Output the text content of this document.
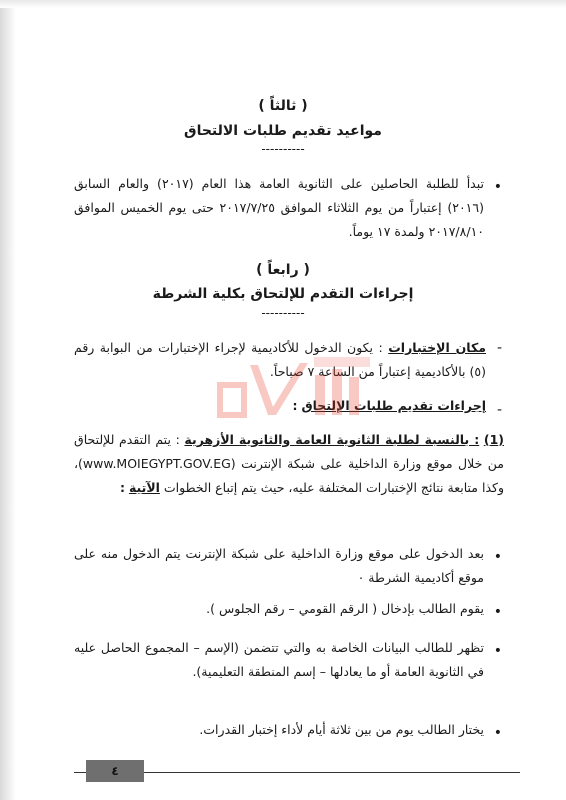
( ثالثاً )
مواعيد تقديم طلبات الالتحاق
----------
•
تبدأ للطلبة الحاصلين على الثانوية العامة هذا العام (٢٠١٧) والعام السابق (٢٠١٦) إعتباراً من يوم الثلاثاء الموافق ٢٠١٧/٧/٢٥ حتى يوم الخميس الموافق ٢٠١٧/٨/١٠ ولمدة ١٧ يوماً.
( رابعاً )
إجراءات التقدم للإلتحاق بكلية الشرطة
----------
-
مكان الإختبارات : يكون الدخول للأكاديمية لإجراء الإختبارات من البوابة رقم (٥) بالأكاديمية إعتباراً من الساعة ٧ صباحاً.
-
إجراءات تقديم طلبات الإلتحاق :
(1) : بالنسبة لطلبة الثانوية العامة والثانوية الأزهرية : يتم التقدم للإلتحاق من خلال موقع وزارة الداخلية على شبكة الإنترنت (www.MOIEGYPT.GOV.EG)، وكذا متابعة نتائج الإختبارات المختلفة عليه، حيث يتم إتباع الخطوات الآتية :
•
بعد الدخول على موقع وزارة الداخلية على شبكة الإنترنت يتم الدخول منه على موقع أكاديمية الشرطة ٠
•
يقوم الطالب بإدخال ( الرقم القومي – رقم الجلوس ).
•
تظهر للطالب البيانات الخاصة به والتي تتضمن (الإسم – المجموع الحاصل عليه في الثانوية العامة أو ما يعادلها – إسم المنطقة التعليمية).
•
يختار الطالب يوم من بين ثلاثة أيام لأداء إختبار القدرات.
٤
